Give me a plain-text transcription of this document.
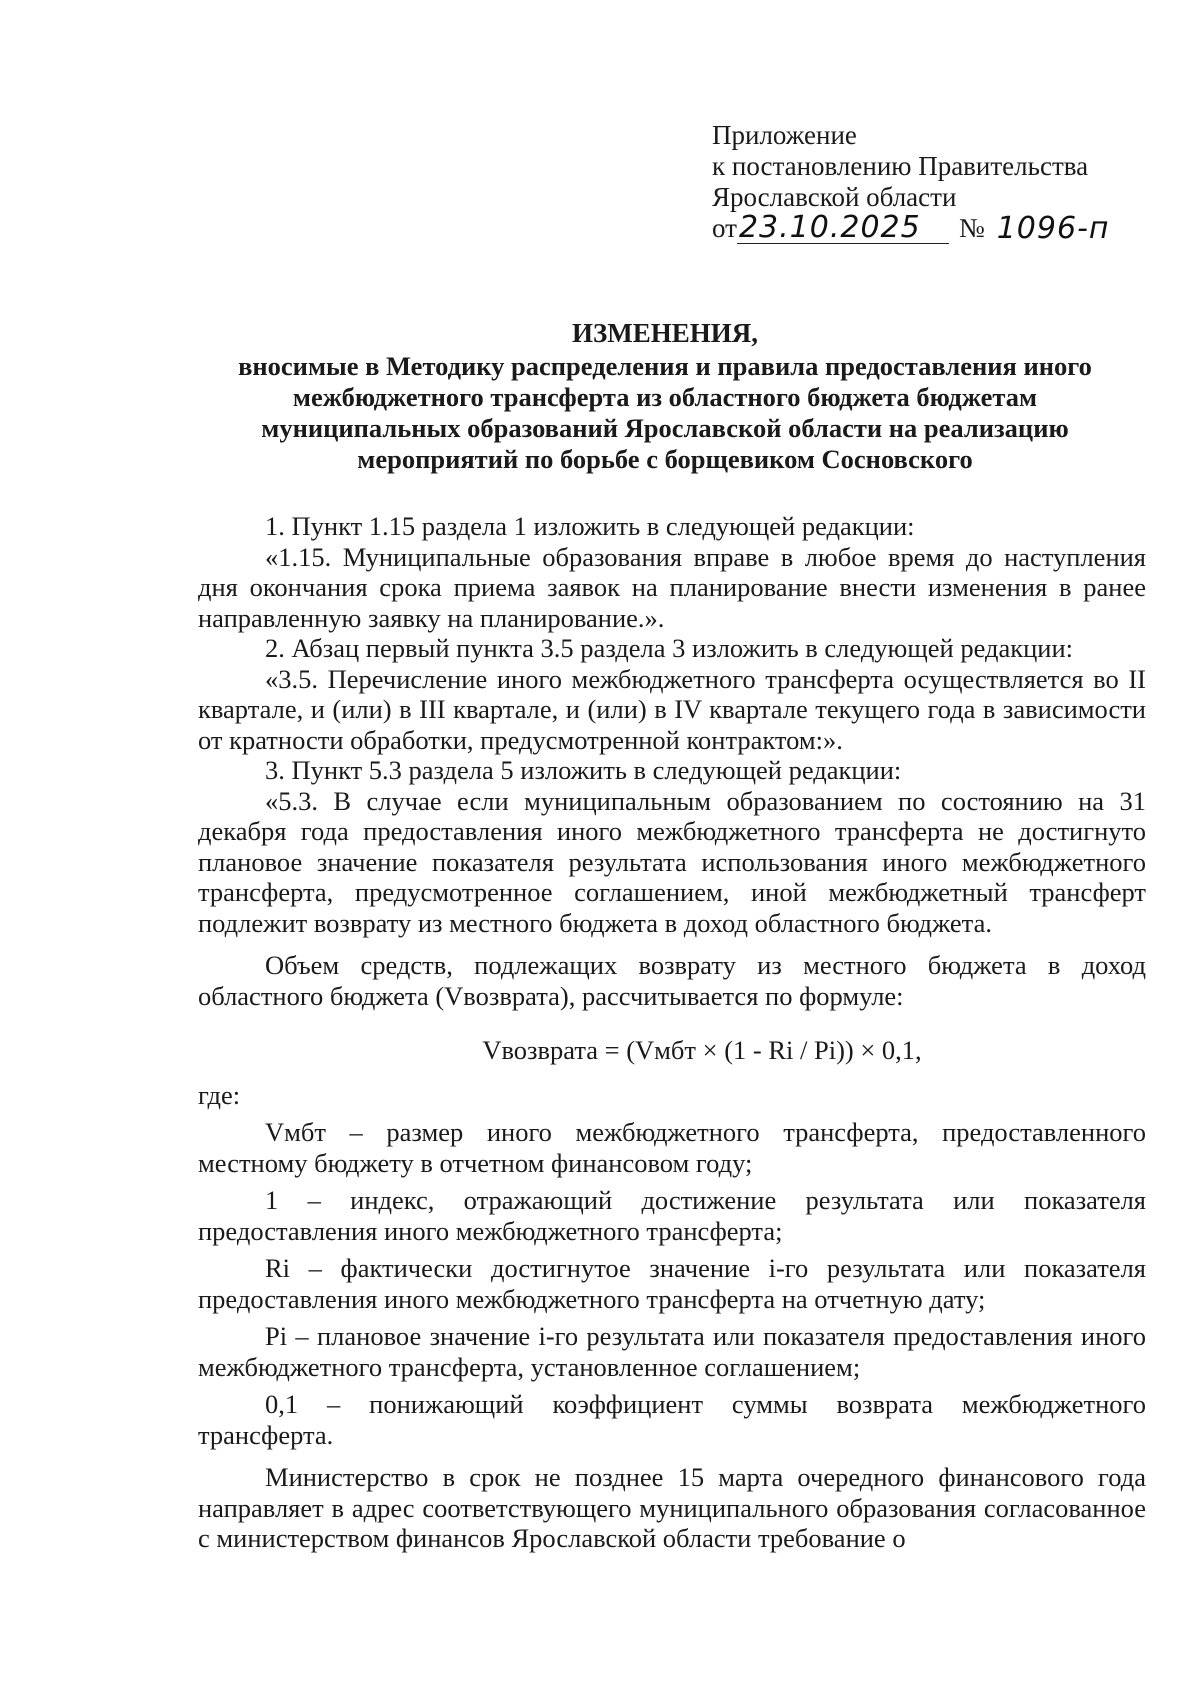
Приложение
к постановлению Правительства
Ярославской области
от 23.10.2025	№ 1096-п
ИЗМЕНЕНИЯ,
вносимые в Методику распределения и правила предоставления иного
межбюджетного трансферта из областного бюджета бюджетам
муниципальных образований Ярославской области на реализацию
мероприятий по борьбе с борщевиком Сосновского

1. Пункт 1.15 раздела 1 изложить в следующей редакции:

«1.15. Муниципальные образования вправе в любое время до наступления дня окончания срока приема заявок на планирование внести изменения в ранее направленную заявку на планирование.».

2. Абзац первый пункта 3.5 раздела 3 изложить в следующей редакции:

«3.5. Перечисление иного межбюджетного трансферта осуществляется во II квартале, и (или) в III квартале, и (или) в IV квартале текущего года в зависимости от кратности обработки, предусмотренной контрактом:».

3. Пункт 5.3 раздела 5 изложить в следующей редакции:

«5.3. В случае если муниципальным образованием по состоянию на 31 декабря года предоставления иного межбюджетного трансферта не достигнуто плановое значение показателя результата использования иного межбюджетного трансферта, предусмотренное соглашением, иной межбюджетный трансферт подлежит возврату из местного бюджета в доход областного бюджета.

Объем средств, подлежащих возврату из местного бюджета в доход областного бюджета (Vвозврата), рассчитывается по формуле:

Vвозврата = (Vмбт × (1 - Ri / Pi)) × 0,1,

где:

Vмбт – размер иного межбюджетного трансферта, предоставленного местному бюджету в отчетном финансовом году;

1 – индекс, отражающий достижение результата или показателя предоставления иного межбюджетного трансферта;

Ri – фактически достигнутое значение i-го результата или показателя предоставления иного межбюджетного трансферта на отчетную дату;

Pi – плановое значение i-го результата или показателя предоставления иного межбюджетного трансферта, установленное соглашением;

0,1 – понижающий коэффициент суммы возврата межбюджетного трансферта.

Министерство в срок не позднее 15 марта очередного финансового года направляет в адрес соответствующего муниципального образования согласованное с министерством финансов Ярославской области требование о
